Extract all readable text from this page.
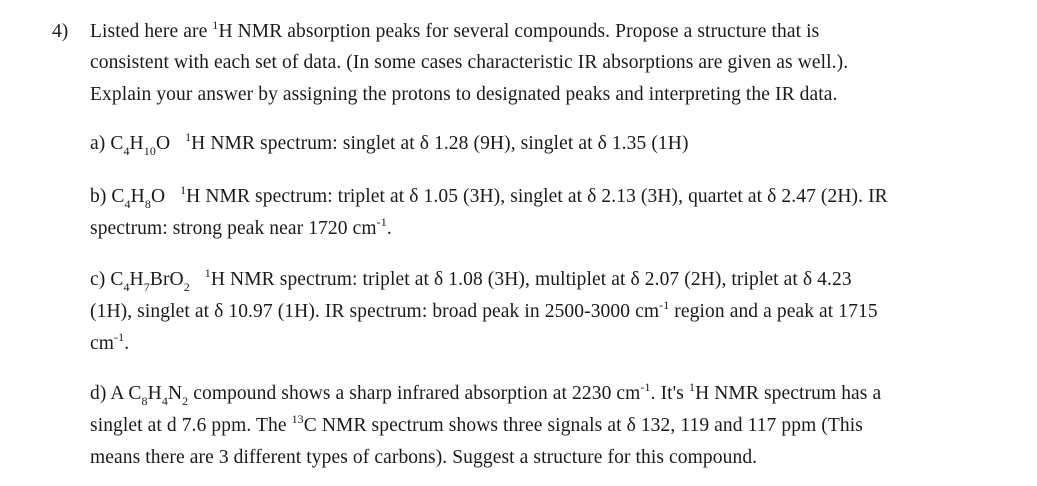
4) Listed here are $^1$H NMR absorption peaks for several compounds. Propose a structure that is
consistent with each set of data. (In some cases characteristic IR absorptions are given as well.).
Explain your answer by assigning the protons to designated peaks and interpreting the IR data.
a) $C_4H_{10}O$ $^1$H NMR spectrum: singlet at δ 1.28 (9H), singlet at δ 1.35 (1H)
b) $C_4H_8O$ $^1$H NMR spectrum: triplet at δ 1.05 (3H), singlet at δ 2.13 (3H), quartet at δ 2.47 (2H). IR
spectrum: strong peak near 1720 $cm^{-1}$.
c) $C_4H_7BrO_2$   $^1$H NMR spectrum: triplet at δ 1.08 (3H), multiplet at δ 2.07 (2H), triplet at δ 4.23
(1H), singlet at δ 10.97 (1H). IR spectrum: broad peak in 2500-3000 $cm^{-1}$ region and a peak at 1715
$cm^{-1}$.
d) A $C_8H_4N_2$ compound shows a sharp infrared absorption at 2230 $cm^{-1}$. It's $^1$H NMR spectrum has a
singlet at d 7.6 ppm. The $^{13}$C NMR spectrum shows three signals at δ 132, 119 and 117 ppm (This
means there are 3 different types of carbons). Suggest a structure for this compound.
